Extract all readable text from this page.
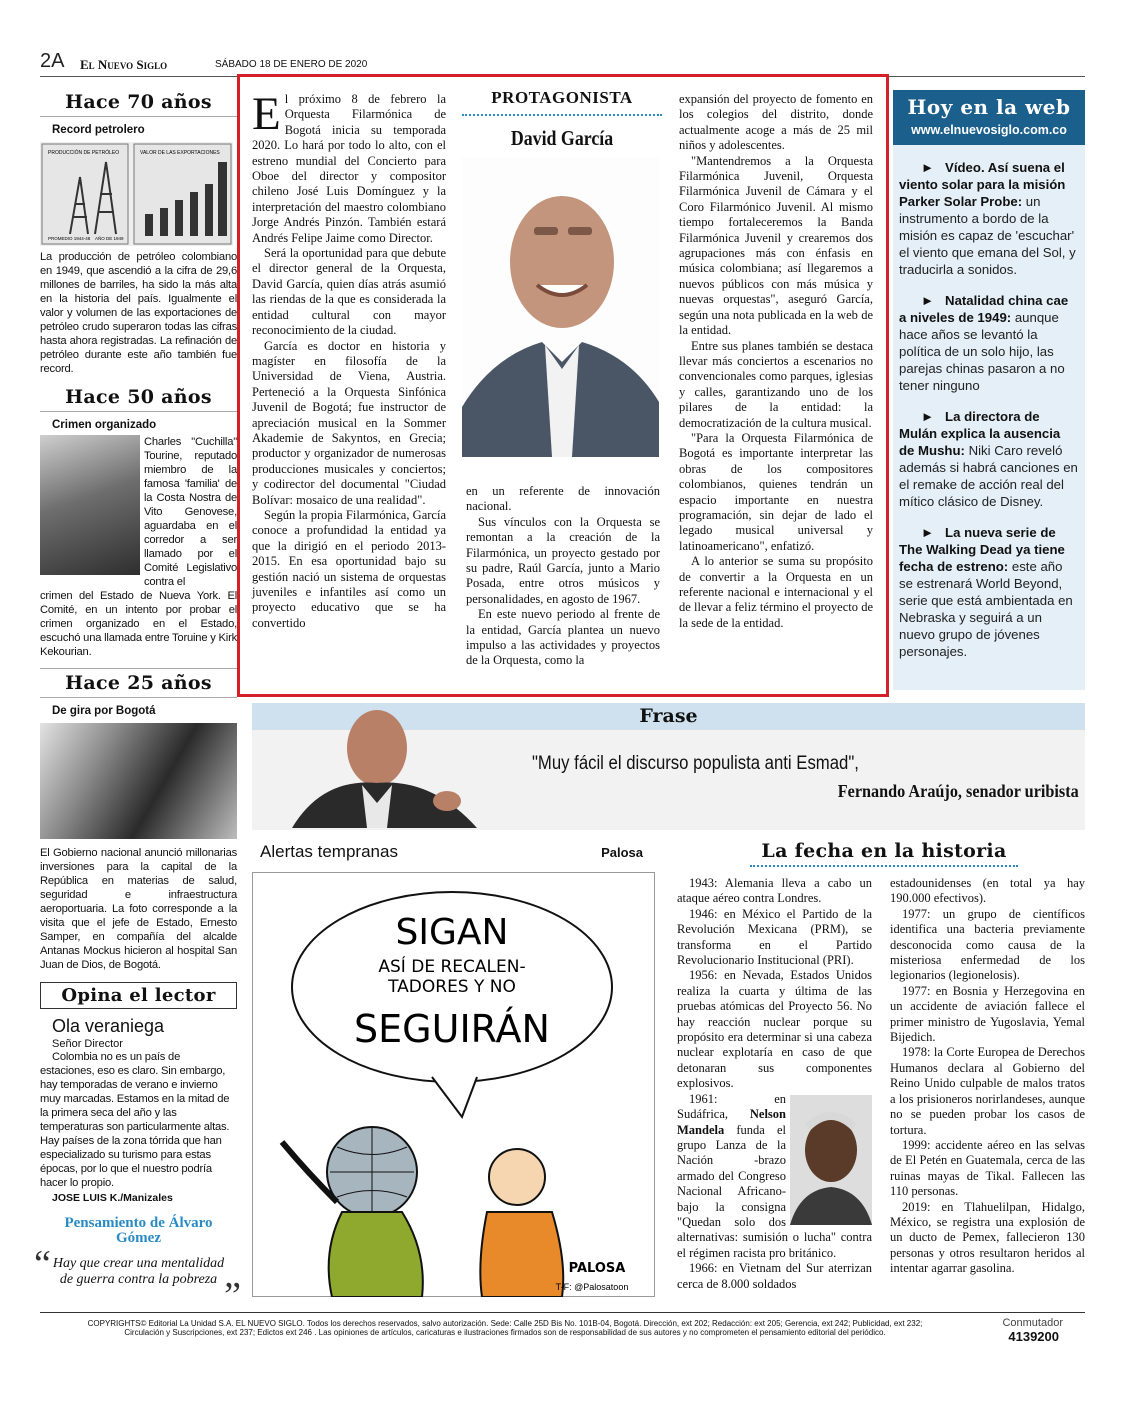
2A El Nuevo Siglo	SÁBADO 18 DE ENERO DE 2020
Hace 70 años
Record petrolero
PRODUCCIÓN DE PETRÓLEO	VALOR DE LAS EXPORTACIONES
PROMEDIO 1944-48 AÑO DE 1949

La producción de petróleo colombiano en 1949, que ascendió a la cifra de 29,6 millones de barriles, ha sido la más alta en la historia del país. Igualmente el valor y volumen de las exportaciones de petróleo crudo superaron todas las cifras hasta ahora registradas. La refinación de petróleo durante este año también fue record.

Hace 50 años
Crimen organizado

Charles "Cuchilla" Tourine, reputado miembro de la famosa 'familia' de la Costa Nostra de Vito Genovese, aguardaba en el corredor a ser llamado por el Comité Legislativo contra el

crimen del Estado de Nueva York. El Comité, en un intento por probar el crimen organizado en el Estado, escuchó una llamada entre Toruine y Kirk Kekourian.

Hace 25 años
De gira por Bogotá

El Gobierno nacional anunció millonarias inversiones para la capital de la República en materias de salud, seguridad e infraestructura aeroportuaria. La foto corresponde a la visita que el jefe de Estado, Ernesto Samper, en compañía del alcalde Antanas Mockus hicieron al hospital San Juan de Dios, de Bogotá.

Opina el lector
Ola veraniega
Señor Director

Colombia no es un país de estaciones, eso es claro. Sin embargo, hay temporadas de verano e invierno muy marcadas. Estamos en la mitad de la primera seca del año y las temperaturas son particularmente altas. Hay países de la zona tórrida que han especializado su turismo para estas épocas, por lo que el nuestro podría hacer lo propio.

JOSE LUIS K./Manizales
Pensamiento de Álvaro Gómez
“ Hay que crear una mentalidad de guerra contra la pobreza ”

El próximo 8 de febrero la Orquesta Filarmónica de Bogotá inicia su temporada 2020. Lo hará por todo lo alto, con el estreno mundial del Concierto para Oboe del director y compositor chileno José Luis Domínguez y la interpretación del maestro colombiano Jorge Andrés Pinzón. También estará Andrés Felipe Jaime como Director.

Será la oportunidad para que debute el director general de la Orquesta, David García, quien días atrás asumió las riendas de la que es considerada la entidad cultural con mayor reconocimiento de la ciudad.

García es doctor en historia y magíster en filosofía de la Universidad de Viena, Austria. Perteneció a la Orquesta Sinfónica Juvenil de Bogotá; fue instructor de apreciación musical en la Sommer Akademie de Sakyntos, en Grecia; productor y organizador de numerosas producciones musicales y conciertos; y codirector del documental "Ciudad Bolívar: mosaico de una realidad".

Según la propia Filarmónica, García conoce a profundidad la entidad ya que la dirigió en el periodo 2013-2015. En esa oportunidad bajo su gestión nació un sistema de orquestas juveniles e infantiles así como un proyecto educativo que se ha convertido

PROTAGONISTA
David García

en un referente de innovación nacional.

Sus vínculos con la Orquesta se remontan a la creación de la Filarmónica, un proyecto gestado por su padre, Raúl García, junto a Mario Posada, entre otros músicos y personalidades, en agosto de 1967.

En este nuevo periodo al frente de la entidad, García plantea un nuevo impulso a las actividades y proyectos de la Orquesta, como la

expansión del proyecto de fomento en los colegios del distrito, donde actualmente acoge a más de 25 mil niños y adolescentes.

"Mantendremos a la Orquesta Filarmónica Juvenil, Orquesta Filarmónica Juvenil de Cámara y el Coro Filarmónico Juvenil. Al mismo tiempo fortaleceremos la Banda Filarmónica Juvenil y crearemos dos agrupaciones más con énfasis en música colombiana; así llegaremos a nuevos públicos con más música y nuevas orquestas", aseguró García, según una nota publicada en la web de la entidad.

Entre sus planes también se destaca llevar más conciertos a escenarios no convencionales como parques, iglesias y calles, garantizando uno de los pilares de la entidad: la democratización de la cultura musical.

"Para la Orquesta Filarmónica de Bogotá es importante interpretar las obras de los compositores colombianos, quienes tendrán un espacio importante en nuestra programación, sin dejar de lado el legado musical universal y latinoamericano", enfatizó.

A lo anterior se suma su propósito de convertir a la Orquesta en un referente nacional e internacional y el de llevar a feliz término el proyecto de la sede de la entidad.

Hoy en la web
www.elnuevosiglo.com.co

►   Vídeo. Así suena el viento solar para la misión Parker Solar Probe: un instrumento a bordo de la misión es capaz de 'escuchar' el viento que emana del Sol, y traducirla a sonidos.

►   Natalidad china cae a niveles de 1949: aunque hace años se levantó la política de un solo hijo, las parejas chinas pasaron a no tener ninguno

►   La directora de Mulán explica la ausencia de Mushu: Niki Caro reveló además si habrá canciones en el remake de acción real del mítico clásico de Disney.

►   La nueva serie de The Walking Dead ya tiene fecha de estreno: este año se estrenará World Beyond, serie que está ambientada en Nebraska y seguirá a un nuevo grupo de jóvenes personajes.

Frase
"Muy fácil el discurso populista anti Esmad",
Fernando Araújo, senador uribista
Alertas tempranas	Palosa
SIGAN
ASÍ DE RECALEN-
TADORES Y NO
SEGUIRÁN
PALOSA
T-F: @Palosatoon
La fecha en la historia

1943: Alemania lleva a cabo un ataque aéreo contra Londres.

1946: en México el Partido de la Revolución Mexicana (PRM), se transforma en el Partido Revolucionario Institucional (PRI).

1956: en Nevada, Estados Unidos realiza la cuarta y última de las pruebas atómicas del Proyecto 56. No hay reacción nuclear porque su propósito era determinar si una cabeza nuclear explotaría en caso de que detonaran sus componentes explosivos.

1961: en Sudáfrica, Nelson Mandela funda el grupo Lanza de la Nación -brazo armado del Congreso Nacional Africano- bajo la consigna "Quedan solo dos alternativas: sumisión o lucha" contra el régimen racista pro británico.

1966: en Vietnam del Sur aterrizan cerca de 8.000 soldados

estadounidenses (en total ya hay 190.000 efectivos).

1977: un grupo de científicos identifica una bacteria previamente desconocida como causa de la misteriosa enfermedad de los legionarios (legionelosis).

1977: en Bosnia y Herzegovina en un accidente de aviación fallece el primer ministro de Yugoslavia, Yemal Bijedich.

1978: la Corte Europea de Derechos Humanos declara al Gobierno del Reino Unido culpable de malos tratos a los prisioneros norirlandeses, aunque no se pueden probar los casos de tortura.

1999: accidente aéreo en las selvas de El Petén en Guatemala, cerca de las ruinas mayas de Tikal. Fallecen las 110 personas.

2019: en Tlahuelilpan, Hidalgo, México, se registra una explosión de un ducto de Pemex, fallecieron 130 personas y otros resultaron heridos al intentar agarrar gasolina.

COPYRIGHTS© Editorial La Unidad S.A. EL NUEVO SIGLO. Todos los derechos reservados, salvo autorización. Sede: Calle 25D Bis No. 101B-04, Bogotá. Dirección, ext 202; Redacción: ext 205; Gerencia, ext 242; Publicidad, ext 232;
Circulación y Suscripciones, ext 237; Edictos ext 246 . Las opiniones de artículos, caricaturas e ilustraciones firmados son de responsabilidad de sus autores y no comprometen el pensamiento editorial del periódico.
Conmutador
4139200
